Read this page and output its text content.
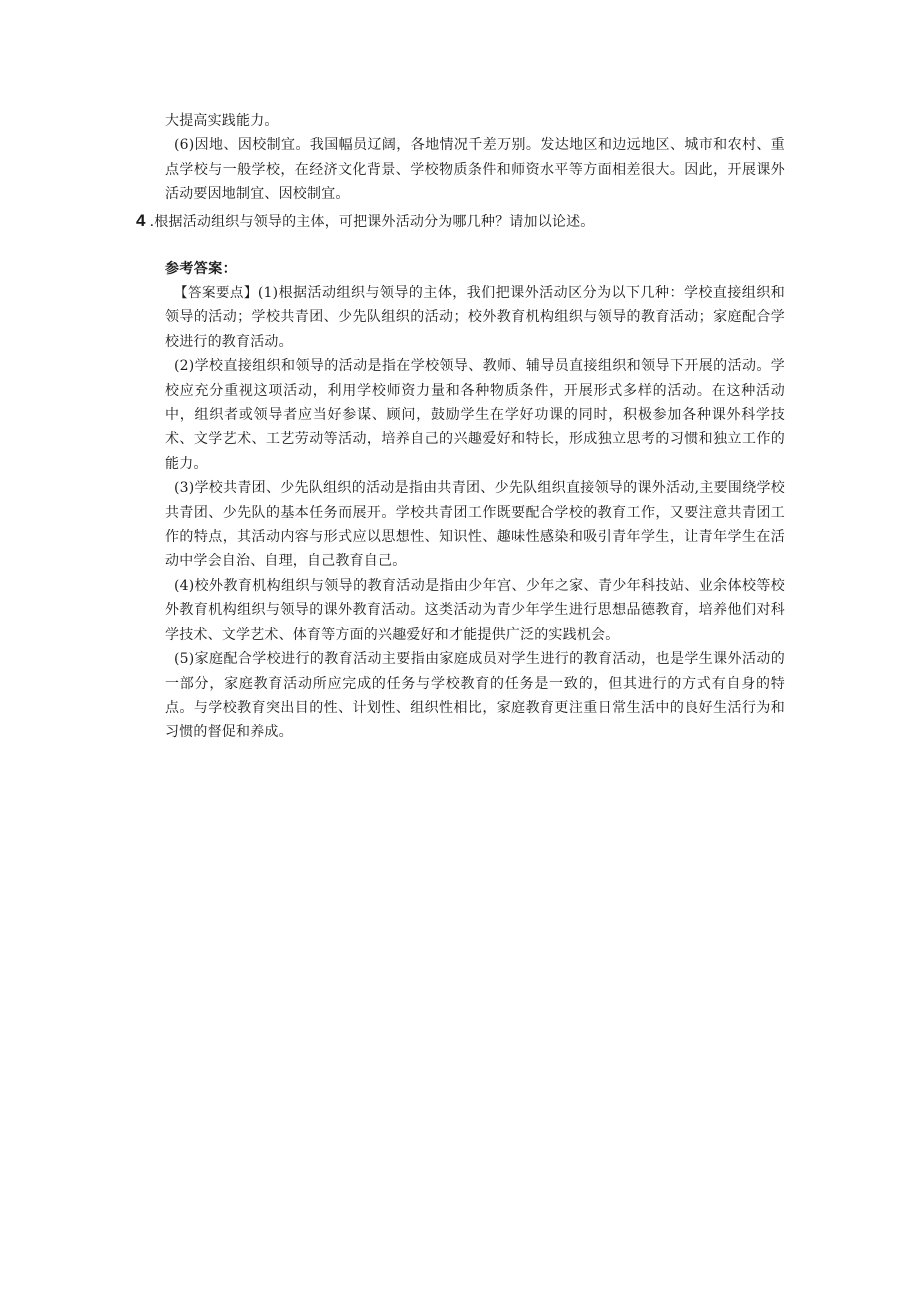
大提高实践能力。

(6)因地、因校制宜。我国幅员辽阔，各地情况千差万别。发达地区和边远地区、城市和农村、重点学校与一般学校，在经济文化背景、学校物质条件和师资水平等方面相差很大。因此，开展课外活动要因地制宜、因校制宜。

4 .根据活动组织与领导的主体，可把课外活动分为哪几种？请加以论述。
参考答案：

【答案要点】(1)根据活动组织与领导的主体，我们把课外活动区分为以下几种：学校直接组织和领导的活动；学校共青团、少先队组织的活动；校外教育机构组织与领导的教育活动；家庭配合学校进行的教育活动。

(2)学校直接组织和领导的活动是指在学校领导、教师、辅导员直接组织和领导下开展的活动。学校应充分重视这项活动，利用学校师资力量和各种物质条件，开展形式多样的活动。在这种活动中，组织者或领导者应当好参谋、顾问，鼓励学生在学好功课的同时，积极参加各种课外科学技术、文学艺术、工艺劳动等活动，培养自己的兴趣爱好和特长，形成独立思考的习惯和独立工作的能力。

(3)学校共青团、少先队组织的活动是指由共青团、少先队组织直接领导的课外活动,主要围绕学校共青团、少先队的基本任务而展开。学校共青团工作既要配合学校的教育工作，又要注意共青团工作的特点，其活动内容与形式应以思想性、知识性、趣味性感染和吸引青年学生，让青年学生在活动中学会自治、自理，自己教育自己。

(4)校外教育机构组织与领导的教育活动是指由少年宫、少年之家、青少年科技站、业余体校等校外教育机构组织与领导的课外教育活动。这类活动为青少年学生进行思想品德教育，培养他们对科学技术、文学艺术、体育等方面的兴趣爱好和才能提供广泛的实践机会。

(5)家庭配合学校进行的教育活动主要指由家庭成员对学生进行的教育活动，也是学生课外活动的一部分，家庭教育活动所应完成的任务与学校教育的任务是一致的，但其进行的方式有自身的特点。与学校教育突出目的性、计划性、组织性相比，家庭教育更注重日常生活中的良好生活行为和习惯的督促和养成。
